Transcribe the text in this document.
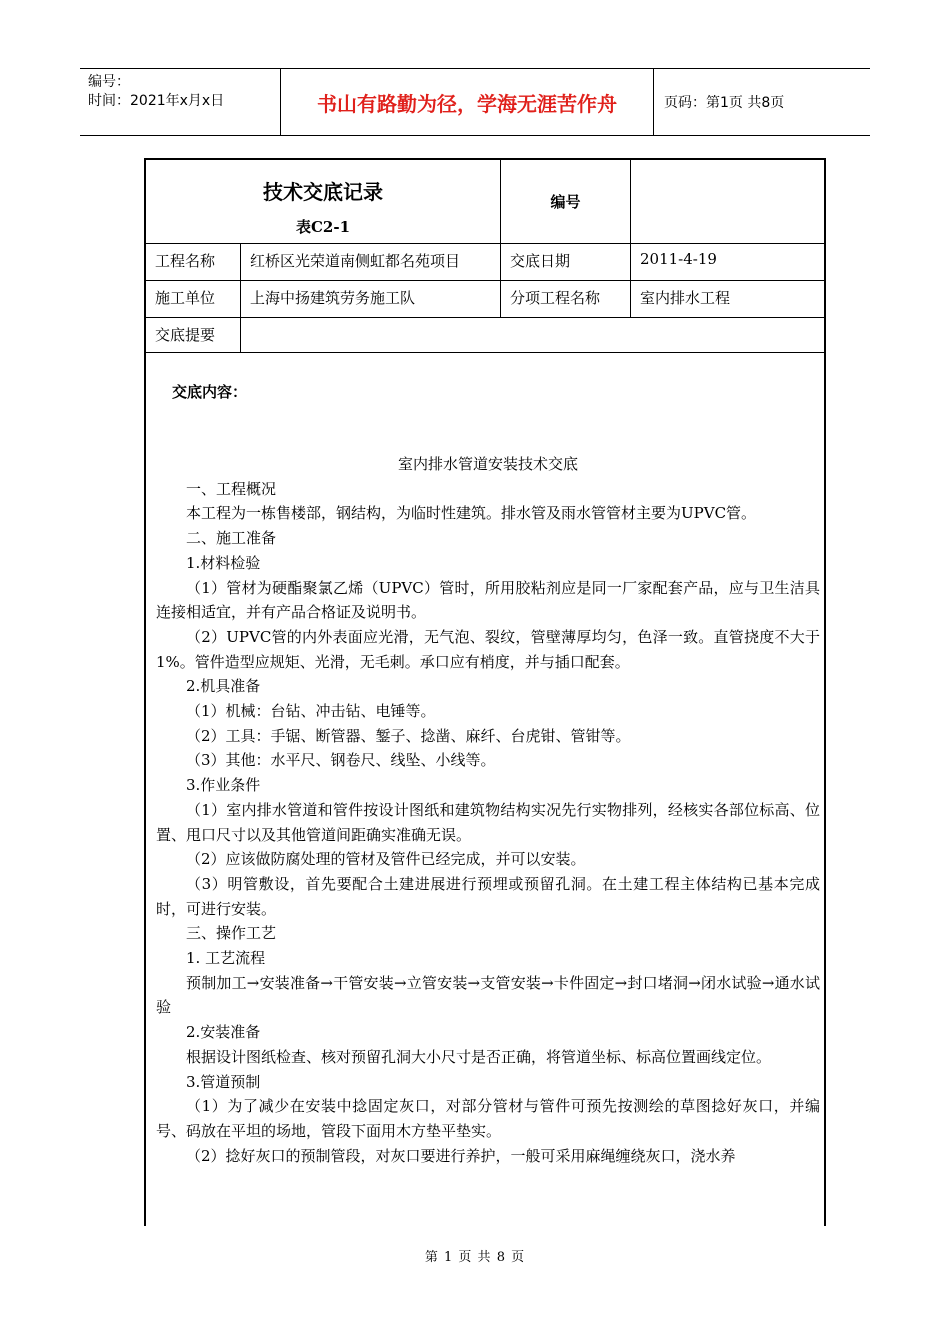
编号：
时间：2021年x月x日	书山有路勤为径，学海无涯苦作舟	页码：第1页 共8页
技术交底记录
表C2-1
编号
工程名称 红桥区光荣道南侧虹都名苑项目	交底日期	2011-4-19
施工单位 上海中扬建筑劳务施工队	分项工程名称	室内排水工程
交底提要
交底内容：

室内排水管道安装技术交底

一、工程概况

本工程为一栋售楼部，钢结构，为临时性建筑。排水管及雨水管管材主要为UPVC管。

二、施工准备

1.材料检验

（1）管材为硬酯聚氯乙烯（UPVC）管时，所用胶粘剂应是同一厂家配套产品，应与卫生洁具连接相适宜，并有产品合格证及说明书。

（2）UPVC管的内外表面应光滑，无气泡、裂纹，管壁薄厚均匀，色泽一致。直管挠度不大于1%。管件造型应规矩、光滑，无毛刺。承口应有梢度，并与插口配套。

2.机具准备

（1）机械：台钻、冲击钻、电锤等。

（2）工具：手锯、断管器、錾子、捻凿、麻纤、台虎钳、管钳等。

（3）其他：水平尺、钢卷尺、线坠、小线等。

3.作业条件

（1）室内排水管道和管件按设计图纸和建筑物结构实况先行实物排列，经核实各部位标高、位置、甩口尺寸以及其他管道间距确实准确无误。

（2）应该做防腐处理的管材及管件已经完成，并可以安装。

（3）明管敷设，首先要配合土建进展进行预埋或预留孔洞。在土建工程主体结构已基本完成时，可进行安装。

三、操作工艺

1. 工艺流程

预制加工→安装准备→干管安装→立管安装→支管安装→卡件固定→封口堵洞→闭水试验→通水试验

2.安装准备

根据设计图纸检查、核对预留孔洞大小尺寸是否正确，将管道坐标、标高位置画线定位。

3.管道预制

（1）为了减少在安装中捻固定灰口，对部分管材与管件可预先按测绘的草图捻好灰口，并编号、码放在平坦的场地，管段下面用木方垫平垫实。

（2）捻好灰口的预制管段，对灰口要进行养护，一般可采用麻绳缠绕灰口，浇水养

第 1 页 共 8 页
